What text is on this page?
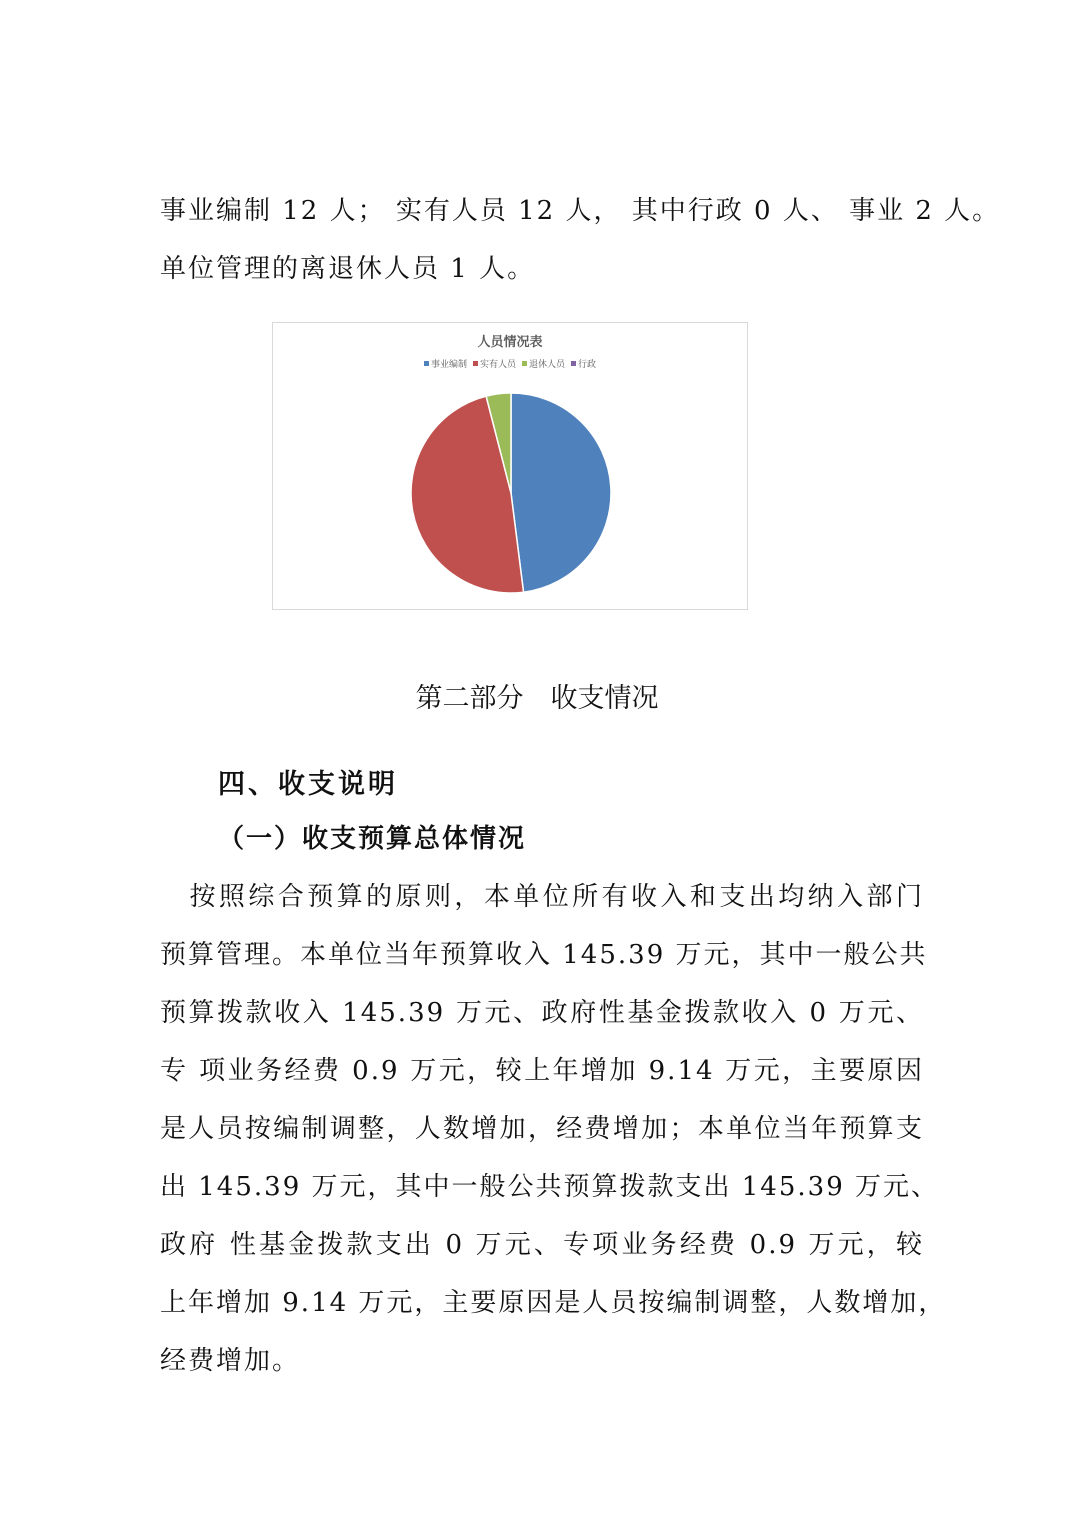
事业编制 12 人； 实有人员 12 人， 其中行政 0 人、 事业 2 人。
单位管理的离退休人员 1 人。
人员情况表
事业编制 实有人员 退休人员 行政
第二部分　收支情况
四、收支说明
（一）收支预算总体情况
　按照综合预算的原则，本单位所有收入和支出均纳入部门
预算管理。本单位当年预算收入 145.39 万元，其中一般公共
预算拨款收入 145.39 万元、政府性基金拨款收入 0 万元、
专 项业务经费 0.9 万元，较上年增加 9.14 万元，主要原因
是人员按编制调整，人数增加，经费增加；本单位当年预算支
出 145.39 万元，其中一般公共预算拨款支出 145.39 万元、
政府 性基金拨款支出 0 万元、专项业务经费 0.9 万元，较
上年增加 9.14 万元，主要原因是人员按编制调整，人数增加，
经费增加。
